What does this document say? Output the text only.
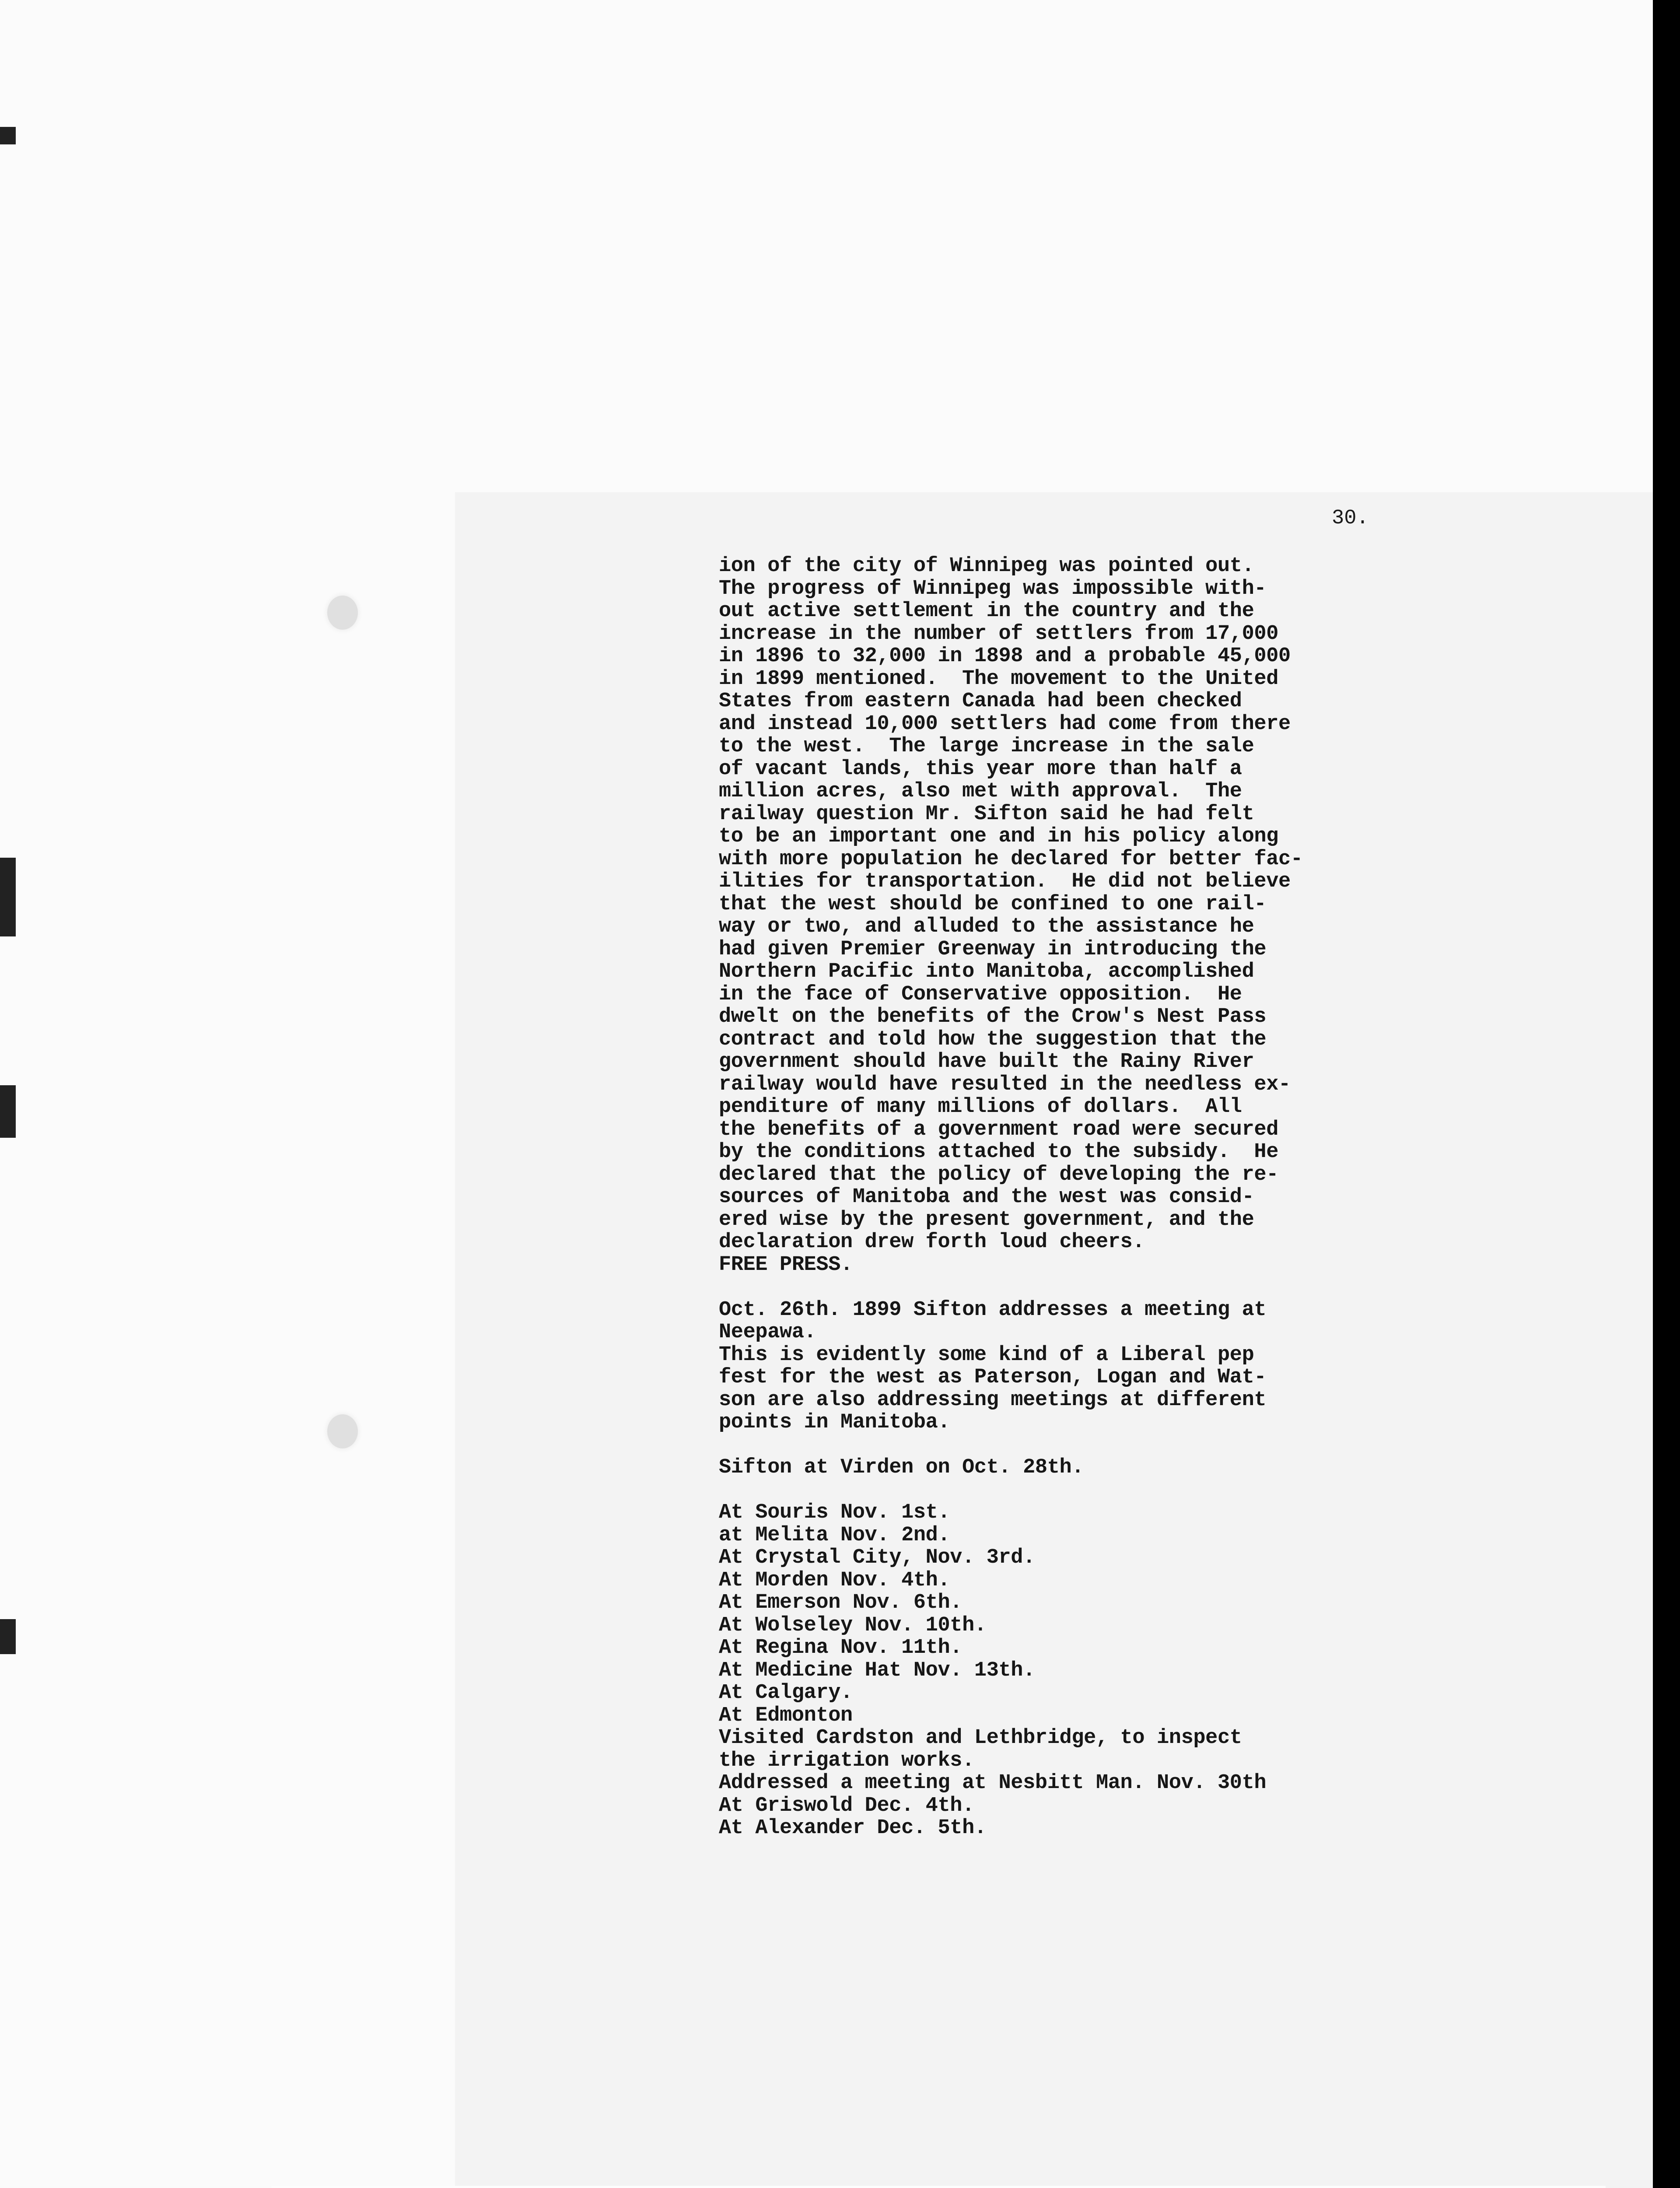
30.
ion of the city of Winnipeg was pointed out.
The progress of Winnipeg was impossible with-
out active settlement in the country and the
increase in the number of settlers from 17,000
in 1896 to 32,000 in 1898 and a probable 45,000
in 1899 mentioned.  The movement to the United
States from eastern Canada had been checked
and instead 10,000 settlers had come from there
to the west.  The large increase in the sale
of vacant lands, this year more than half a
million acres, also met with approval.  The
railway question Mr. Sifton said he had felt
to be an important one and in his policy along
with more population he declared for better fac-
ilities for transportation.  He did not believe
that the west should be confined to one rail-
way or two, and alluded to the assistance he
had given Premier Greenway in introducing the
Northern Pacific into Manitoba, accomplished
in the face of Conservative opposition.  He
dwelt on the benefits of the Crow's Nest Pass
contract and told how the suggestion that the
government should have built the Rainy River
railway would have resulted in the needless ex-
penditure of many millions of dollars.  All
the benefits of a government road were secured
by the conditions attached to the subsidy.  He
declared that the policy of developing the re-
sources of Manitoba and the west was consid-
ered wise by the present government, and the
declaration drew forth loud cheers.
FREE PRESS.
Oct. 26th. 1899 Sifton addresses a meeting at
Neepawa.
This is evidently some kind of a Liberal pep
fest for the west as Paterson, Logan and Wat-
son are also addressing meetings at different
points in Manitoba.
Sifton at Virden on Oct. 28th.
At Souris Nov. 1st.
at Melita Nov. 2nd.
At Crystal City, Nov. 3rd.
At Morden Nov. 4th.
At Emerson Nov. 6th.
At Wolseley Nov. 10th.
At Regina Nov. 11th.
At Medicine Hat Nov. 13th.
At Calgary.
At Edmonton
Visited Cardston and Lethbridge, to inspect
the irrigation works.
Addressed a meeting at Nesbitt Man. Nov. 30th
At Griswold Dec. 4th.
At Alexander Dec. 5th.
